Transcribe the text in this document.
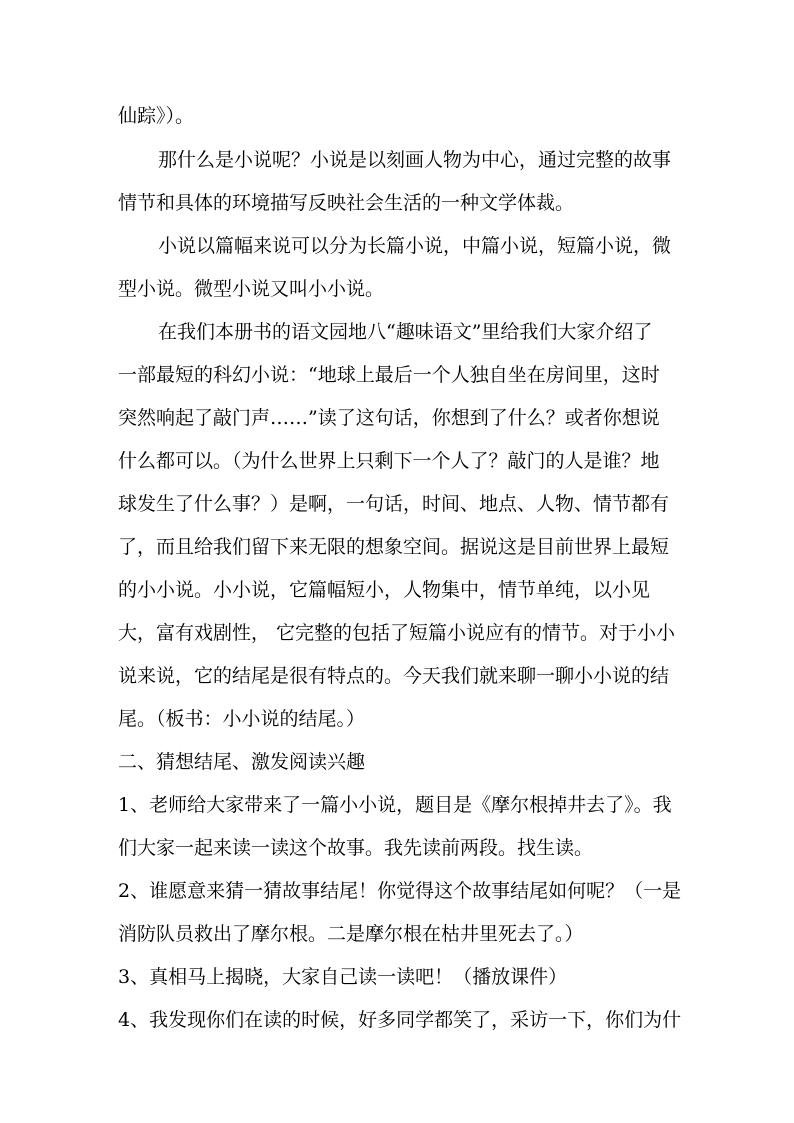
仙踪》）。
那什么是小说呢？小说是以刻画人物为中心，通过完整的故事
情节和具体的环境描写反映社会生活的一种文学体裁。
小说以篇幅来说可以分为长篇小说，中篇小说，短篇小说，微
型小说。微型小说又叫小小说。
在我们本册书的语文园地八“趣味语文”里给我们大家介绍了
一部最短的科幻小说：“地球上最后一个人独自坐在房间里，这时
突然响起了敲门声……”读了这句话，你想到了什么？或者你想说
什么都可以。（为什么世界上只剩下一个人了？敲门的人是谁？地
球发生了什么事？）是啊，一句话，时间、地点、人物、情节都有
了，而且给我们留下来无限的想象空间。据说这是目前世界上最短
的小小说。小小说，它篇幅短小，人物集中，情节单纯，以小见
大，富有戏剧性， 它完整的包括了短篇小说应有的情节。对于小小
说来说，它的结尾是很有特点的。今天我们就来聊一聊小小说的结
尾。（板书：小小说的结尾。）
二、猜想结尾、激发阅读兴趣
1、老师给大家带来了一篇小小说，题目是《摩尔根掉井去了》。我
们大家一起来读一读这个故事。我先读前两段。找生读。
2、谁愿意来猜一猜故事结尾！你觉得这个故事结尾如何呢？（一是
消防队员救出了摩尔根。二是摩尔根在枯井里死去了。）
3、真相马上揭晓，大家自己读一读吧！（播放课件）
4、我发现你们在读的时候，好多同学都笑了，采访一下，你们为什
